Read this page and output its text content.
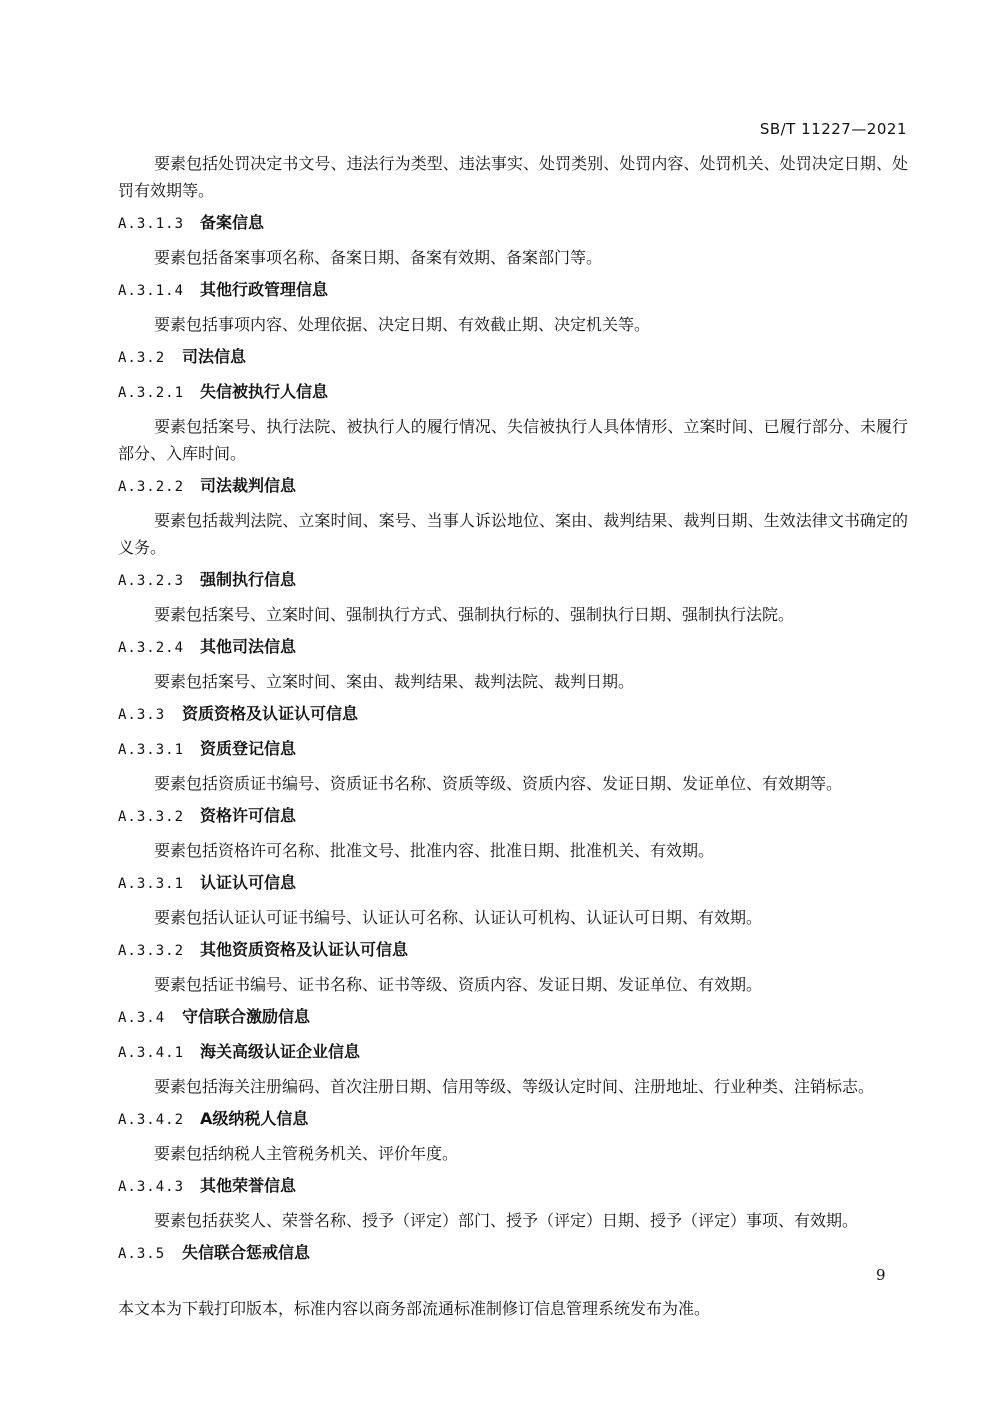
SB/T 11227—2021

要素包括处罚决定书文号、违法行为类型、违法事实、处罚类别、处罚内容、处罚机关、处罚决定日期、处罚有效期等。

A.3.1.3 备案信息

要素包括备案事项名称、备案日期、备案有效期、备案部门等。

A.3.1.4 其他行政管理信息

要素包括事项内容、处理依据、决定日期、有效截止期、决定机关等。

A.3.2 司法信息
A.3.2.1 失信被执行人信息

要素包括案号、执行法院、被执行人的履行情况、失信被执行人具体情形、立案时间、已履行部分、未履行部分、入库时间。

A.3.2.2 司法裁判信息

要素包括裁判法院、立案时间、案号、当事人诉讼地位、案由、裁判结果、裁判日期、生效法律文书确定的义务。

A.3.2.3 强制执行信息

要素包括案号、立案时间、强制执行方式、强制执行标的、强制执行日期、强制执行法院。

A.3.2.4 其他司法信息

要素包括案号、立案时间、案由、裁判结果、裁判法院、裁判日期。

A.3.3 资质资格及认证认可信息
A.3.3.1 资质登记信息

要素包括资质证书编号、资质证书名称、资质等级、资质内容、发证日期、发证单位、有效期等。

A.3.3.2 资格许可信息

要素包括资格许可名称、批准文号、批准内容、批准日期、批准机关、有效期。

A.3.3.1 认证认可信息

要素包括认证认可证书编号、认证认可名称、认证认可机构、认证认可日期、有效期。

A.3.3.2 其他资质资格及认证认可信息

要素包括证书编号、证书名称、证书等级、资质内容、发证日期、发证单位、有效期。

A.3.4 守信联合激励信息
A.3.4.1 海关高级认证企业信息

要素包括海关注册编码、首次注册日期、信用等级、等级认定时间、注册地址、行业种类、注销标志。

A.3.4.2 A级纳税人信息

要素包括纳税人主管税务机关、评价年度。

A.3.4.3 其他荣誉信息

要素包括获奖人、荣誉名称、授予（评定）部门、授予（评定）日期、授予（评定）事项、有效期。

A.3.5 失信联合惩戒信息
9
本文本为下载打印版本，标准内容以商务部流通标准制修订信息管理系统发布为准。
